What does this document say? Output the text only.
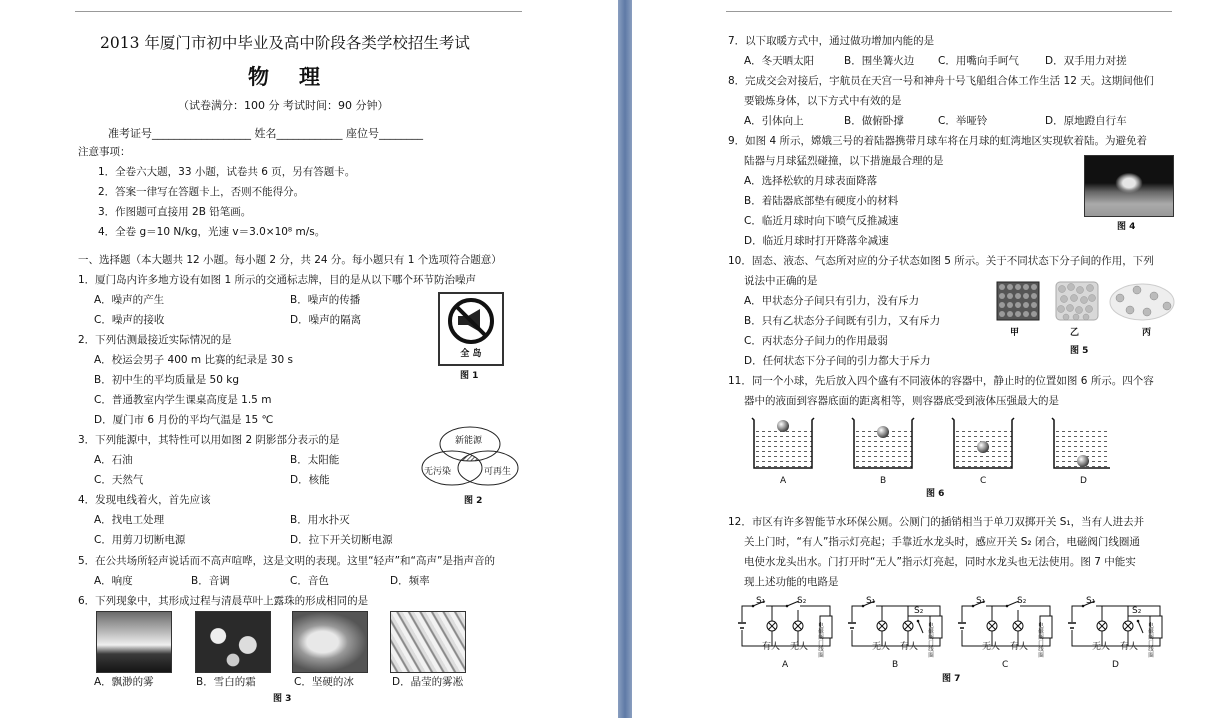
2013 年厦门市初中毕业及高中阶段各类学校招生考试
物理
（试卷满分：100 分 考试时间：90 分钟）
准考证号__________________ 姓名____________ 座位号________
注意事项：
1．全卷六大题，33 小题，试卷共 6 页，另有答题卡。
2．答案一律写在答题卡上，否则不能得分。
3．作图题可直接用 2B 铅笔画。
4．全卷 g＝10 N/kg，光速 v＝3.0×10⁸ m/s。
一、选择题（本大题共 12 小题。每小题 2 分，共 24 分。每小题只有 1 个选项符合题意）
1．厦门岛内许多地方设有如图 1 所示的交通标志牌，目的是从以下哪个环节防治噪声
A．噪声的产生	B．噪声的传播
C．噪声的接收	D．噪声的隔离
全 岛
图 1
2．下列估测最接近实际情况的是
A．校运会男子 400 m 比赛的纪录是 30 s
B．初中生的平均质量是 50 kg
C．普通教室内学生课桌高度是 1.5 m
D．厦门市 6 月份的平均气温是 15 ℃
3．下列能源中，其特性可以用如图 2 阴影部分表示的是
A．石油	B．太阳能
C．天然气	D．核能
新能源
无污染	可再生
图 2
4．发现电线着火，首先应该
A．找电工处理	B．用水扑灭
C．用剪刀切断电源	D．拉下开关切断电源
5．在公共场所轻声说话而不高声喧哗，这是文明的表现。这里“轻声”和“高声”是指声音的
A．响度	B．音调	C．音色	D．频率
6．下列现象中，其形成过程与清晨草叶上露珠的形成相同的是
A．飘渺的雾	B．雪白的霜	C．坚硬的冰	D．晶莹的雾凇
图 3
7．以下取暖方式中，通过做功增加内能的是
A．冬天晒太阳	B．围坐篝火边 C．用嘴向手呵气 D．双手用力对搓
8．完成交会对接后，宇航员在天宫一号和神舟十号飞船组合体工作生活 12 天。这期间他们
要锻炼身体，以下方式中有效的是
A．引体向上	B．做俯卧撑	C．举哑铃	D．原地蹬自行车
9．如图 4 所示，嫦娥三号的着陆器携带月球车将在月球的虹湾地区实现软着陆。为避免着
陆器与月球猛烈碰撞，以下措施最合理的是
A．选择松软的月球表面降落
B．着陆器底部垫有硬度小的材料
C．临近月球时向下喷气反推减速
D．临近月球时打开降落伞减速
图 4
10．固态、液态、气态所对应的分子状态如图 5 所示。关于不同状态下分子间的作用，下列
说法中正确的是
A．甲状态分子间只有引力，没有斥力
B．只有乙状态分子间既有引力，又有斥力
C．丙状态分子间力的作用最弱
D．任何状态下分子间的引力都大于斥力
甲	乙	丙
图 5
11．同一个小球，先后放入四个盛有不同液体的容器中，静止时的位置如图 6 所示。四个容
器中的液面到容器底面的距离相等，则容器底受到液体压强最大的是
A	B	C	D
图 6
12．市区有许多智能节水环保公厕。公厕门的插销相当于单刀双掷开关 S₁，当有人进去并
关上门时，“有人”指示灯亮起；手靠近水龙头时，感应开关 S₂ 闭合，电磁阀门线圈通
电使水龙头出水。门打开时“无人”指示灯亮起，同时水龙头也无法使用。图 7 中能实
现上述功能的电路是
S₁	S₂	S₁
S₂
S₁	S₂	S₁
S₂
有人 无人	无人 有人	无人 有人	无人 有人
电磁阀门线圈
电磁阀门线圈
电磁阀门线圈
电磁阀门线圈
A	B	C	D
图 7
